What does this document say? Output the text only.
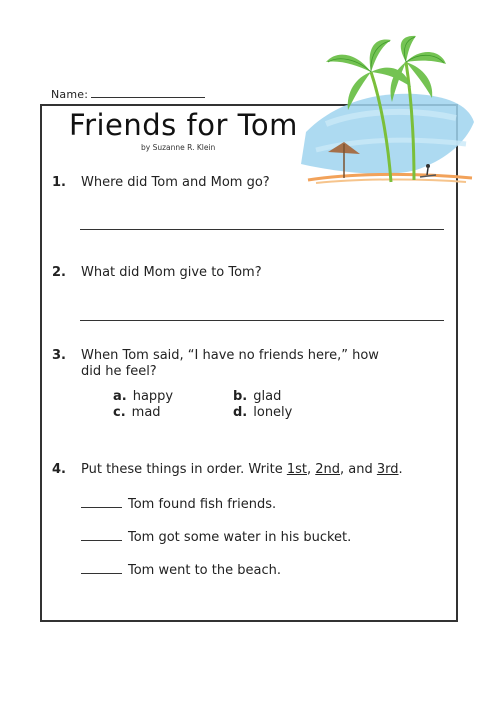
Name:
Friends for Tom
by Suzanne R. Klein
1. Where did Tom and Mom go?
2. What did Mom give to Tom?
3. When Tom said, “I have no friends here,” how did he feel?
a. happy	b. glad
c. mad	d. lonely
4. Put these things in order. Write 1st, 2nd, and 3rd.
Tom found fish friends.
Tom got some water in his bucket.
Tom went to the beach.
